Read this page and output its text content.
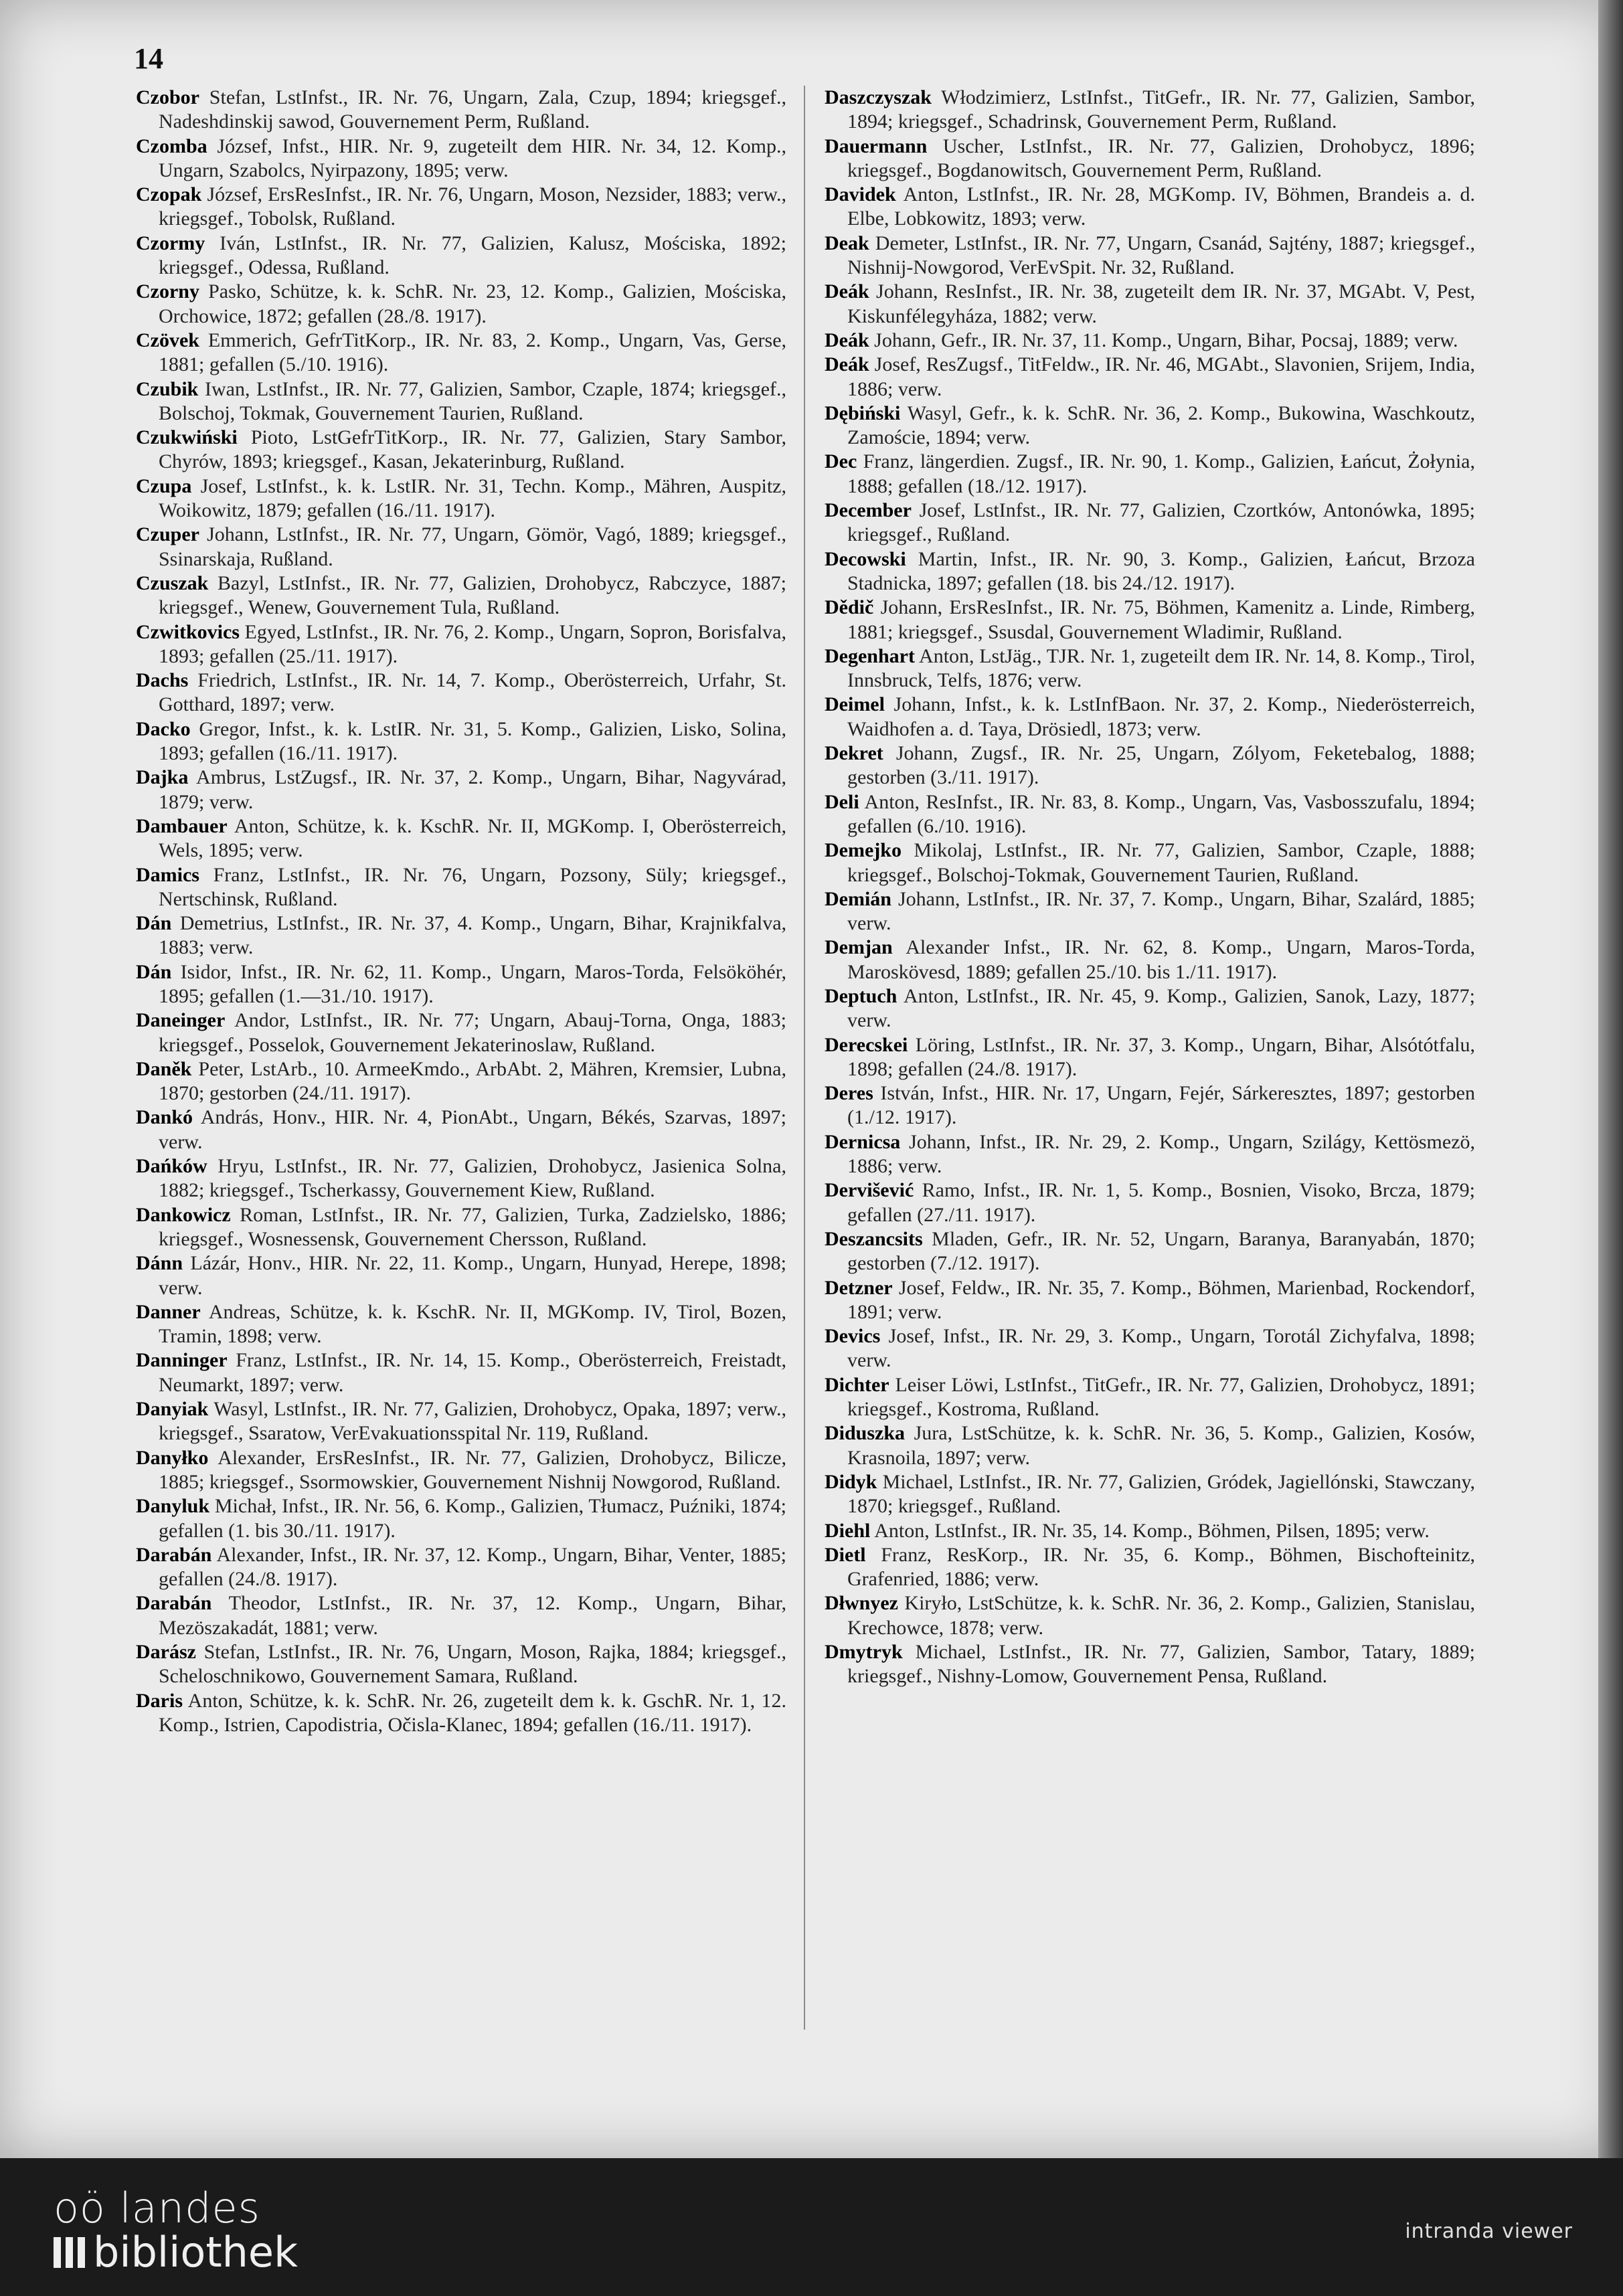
14

Czobor Stefan, LstInfst., IR. Nr. 76, Ungarn, Zala, Czup, 1894; kriegsgef., Nadeshdinskij sawod, Gouvernement Perm, Rußland.

Czomba József, Infst., HIR. Nr. 9, zugeteilt dem HIR. Nr. 34, 12. Komp., Ungarn, Szabolcs, Nyirpazony, 1895; verw.

Czopak József, ErsResInfst., IR. Nr. 76, Ungarn, Moson, Nezsider, 1883; verw., kriegsgef., Tobolsk, Rußland.

Czormy Iván, LstInfst., IR. Nr. 77, Galizien, Kalusz, Mościska, 1892; kriegsgef., Odessa, Rußland.

Czorny Pasko, Schütze, k. k. SchR. Nr. 23, 12. Komp., Galizien, Mościska, Orchowice, 1872; gefallen (28./8. 1917).

Czövek Emmerich, GefrTitKorp., IR. Nr. 83, 2. Komp., Ungarn, Vas, Gerse, 1881; gefallen (5./10. 1916).

Czubik Iwan, LstInfst., IR. Nr. 77, Galizien, Sambor, Czaple, 1874; kriegsgef., Bolschoj, Tokmak, Gouvernement Taurien, Rußland.

Czukwiński Pioto, LstGefrTitKorp., IR. Nr. 77, Galizien, Stary Sambor, Chyrów, 1893; kriegsgef., Kasan, Jekaterinburg, Rußland.

Czupa Josef, LstInfst., k. k. LstIR. Nr. 31, Techn. Komp., Mähren, Auspitz, Woikowitz, 1879; gefallen (16./11. 1917).

Czuper Johann, LstInfst., IR. Nr. 77, Ungarn, Gömör, Vagó, 1889; kriegsgef., Ssinarskaja, Rußland.

Czuszak Bazyl, LstInfst., IR. Nr. 77, Galizien, Drohobycz, Rabczyce, 1887; kriegsgef., Wenew, Gouvernement Tula, Rußland.

Czwitkovics Egyed, LstInfst., IR. Nr. 76, 2. Komp., Ungarn, Sopron, Borisfalva, 1893; gefallen (25./11. 1917).

Dachs Friedrich, LstInfst., IR. Nr. 14, 7. Komp., Oberösterreich, Urfahr, St. Gotthard, 1897; verw.

Dacko Gregor, Infst., k. k. LstIR. Nr. 31, 5. Komp., Galizien, Lisko, Solina, 1893; gefallen (16./11. 1917).

Dajka Ambrus, LstZugsf., IR. Nr. 37, 2. Komp., Ungarn, Bihar, Nagyvárad, 1879; verw.

Dambauer Anton, Schütze, k. k. KschR. Nr. II, MGKomp. I, Oberösterreich, Wels, 1895; verw.

Damics Franz, LstInfst., IR. Nr. 76, Ungarn, Pozsony, Süly; kriegsgef., Nertschinsk, Rußland.

Dán Demetrius, LstInfst., IR. Nr. 37, 4. Komp., Ungarn, Bihar, Krajnikfalva, 1883; verw.

Dán Isidor, Infst., IR. Nr. 62, 11. Komp., Ungarn, Maros-Torda, Felsököhér, 1895; gefallen (1.—31./10. 1917).

Daneinger Andor, LstInfst., IR. Nr. 77; Ungarn, Abauj-Torna, Onga, 1883; kriegsgef., Posselok, Gouvernement Jekaterinoslaw, Rußland.

Daněk Peter, LstArb., 10. ArmeeKmdo., ArbAbt. 2, Mähren, Kremsier, Lubna, 1870; gestorben (24./11. 1917).

Dankó András, Honv., HIR. Nr. 4, PionAbt., Ungarn, Békés, Szarvas, 1897; verw.

Dańków Hryu, LstInfst., IR. Nr. 77, Galizien, Drohobycz, Jasienica Solna, 1882; kriegsgef., Tscherkassy, Gouvernement Kiew, Rußland.

Dankowicz Roman, LstInfst., IR. Nr. 77, Galizien, Turka, Zadzielsko, 1886; kriegsgef., Wosnessensk, Gouvernement Chersson, Rußland.

Dánn Lázár, Honv., HIR. Nr. 22, 11. Komp., Ungarn, Hunyad, Herepe, 1898; verw.

Danner Andreas, Schütze, k. k. KschR. Nr. II, MGKomp. IV, Tirol, Bozen, Tramin, 1898; verw.

Danninger Franz, LstInfst., IR. Nr. 14, 15. Komp., Oberösterreich, Freistadt, Neumarkt, 1897; verw.

Danyiak Wasyl, LstInfst., IR. Nr. 77, Galizien, Drohobycz, Opaka, 1897; verw., kriegsgef., Ssaratow, VerEvakuationsspital Nr. 119, Rußland.

Danyłko Alexander, ErsResInfst., IR. Nr. 77, Galizien, Drohobycz, Bilicze, 1885; kriegsgef., Ssormowskier, Gouvernement Nishnij Nowgorod, Rußland.

Danyluk Michał, Infst., IR. Nr. 56, 6. Komp., Galizien, Tłumacz, Puźniki, 1874; gefallen (1. bis 30./11. 1917).

Darabán Alexander, Infst., IR. Nr. 37, 12. Komp., Ungarn, Bihar, Venter, 1885; gefallen (24./8. 1917).

Darabán Theodor, LstInfst., IR. Nr. 37, 12. Komp., Ungarn, Bihar, Mezöszakadát, 1881; verw.

Darász Stefan, LstInfst., IR. Nr. 76, Ungarn, Moson, Rajka, 1884; kriegsgef., Scheloschnikowo, Gouvernement Samara, Rußland.

Daris Anton, Schütze, k. k. SchR. Nr. 26, zugeteilt dem k. k. GschR. Nr. 1, 12. Komp., Istrien, Capodistria, Očisla-Klanec, 1894; gefallen (16./11. 1917).

Daszczyszak Włodzimierz, LstInfst., TitGefr., IR. Nr. 77, Galizien, Sambor, 1894; kriegsgef., Schadrinsk, Gouvernement Perm, Rußland.

Dauermann Uscher, LstInfst., IR. Nr. 77, Galizien, Drohobycz, 1896; kriegsgef., Bogdanowitsch, Gouvernement Perm, Rußland.

Davidek Anton, LstInfst., IR. Nr. 28, MGKomp. IV, Böhmen, Brandeis a. d. Elbe, Lobkowitz, 1893; verw.

Deak Demeter, LstInfst., IR. Nr. 77, Ungarn, Csanád, Sajtény, 1887; kriegsgef., Nishnij-Nowgorod, VerEvSpit. Nr. 32, Rußland.

Deák Johann, ResInfst., IR. Nr. 38, zugeteilt dem IR. Nr. 37, MGAbt. V, Pest, Kiskunfélegyháza, 1882; verw.

Deák Johann, Gefr., IR. Nr. 37, 11. Komp., Ungarn, Bihar, Pocsaj, 1889; verw.

Deák Josef, ResZugsf., TitFeldw., IR. Nr. 46, MGAbt., Slavonien, Srijem, India, 1886; verw.

Dębiński Wasyl, Gefr., k. k. SchR. Nr. 36, 2. Komp., Bukowina, Waschkoutz, Zamoście, 1894; verw.

Dec Franz, längerdien. Zugsf., IR. Nr. 90, 1. Komp., Galizien, Łańcut, Żołynia, 1888; gefallen (18./12. 1917).

December Josef, LstInfst., IR. Nr. 77, Galizien, Czortków, Antonówka, 1895; kriegsgef., Rußland.

Decowski Martin, Infst., IR. Nr. 90, 3. Komp., Galizien, Łańcut, Brzoza Stadnicka, 1897; gefallen (18. bis 24./12. 1917).

Dědič Johann, ErsResInfst., IR. Nr. 75, Böhmen, Kamenitz a. Linde, Rimberg, 1881; kriegsgef., Ssusdal, Gouvernement Wladimir, Rußland.

Degenhart Anton, LstJäg., TJR. Nr. 1, zugeteilt dem IR. Nr. 14, 8. Komp., Tirol, Innsbruck, Telfs, 1876; verw.

Deimel Johann, Infst., k. k. LstInfBaon. Nr. 37, 2. Komp., Niederösterreich, Waidhofen a. d. Taya, Drösiedl, 1873; verw.

Dekret Johann, Zugsf., IR. Nr. 25, Ungarn, Zólyom, Feketebalog, 1888; gestorben (3./11. 1917).

Deli Anton, ResInfst., IR. Nr. 83, 8. Komp., Ungarn, Vas, Vasbosszufalu, 1894; gefallen (6./10. 1916).

Demejko Mikolaj, LstInfst., IR. Nr. 77, Galizien, Sambor, Czaple, 1888; kriegsgef., Bolschoj-Tokmak, Gouvernement Taurien, Rußland.

Demián Johann, LstInfst., IR. Nr. 37, 7. Komp., Ungarn, Bihar, Szalárd, 1885; verw.

Demjan Alexander Infst., IR. Nr. 62, 8. Komp., Ungarn, Maros-Torda, Maroskövesd, 1889; gefallen 25./10. bis 1./11. 1917).

Deptuch Anton, LstInfst., IR. Nr. 45, 9. Komp., Galizien, Sanok, Lazy, 1877; verw.

Derecskei Löring, LstInfst., IR. Nr. 37, 3. Komp., Ungarn, Bihar, Alsótótfalu, 1898; gefallen (24./8. 1917).

Deres István, Infst., HIR. Nr. 17, Ungarn, Fejér, Sárkeresztes, 1897; gestorben (1./12. 1917).

Dernicsa Johann, Infst., IR. Nr. 29, 2. Komp., Ungarn, Szilágy, Kettösmezö, 1886; verw.

Dervišević Ramo, Infst., IR. Nr. 1, 5. Komp., Bosnien, Visoko, Brcza, 1879; gefallen (27./11. 1917).

Deszancsits Mladen, Gefr., IR. Nr. 52, Ungarn, Baranya, Baranyabán, 1870; gestorben (7./12. 1917).

Detzner Josef, Feldw., IR. Nr. 35, 7. Komp., Böhmen, Marienbad, Rockendorf, 1891; verw.

Devics Josef, Infst., IR. Nr. 29, 3. Komp., Ungarn, Torotál Zichyfalva, 1898; verw.

Dichter Leiser Löwi, LstInfst., TitGefr., IR. Nr. 77, Galizien, Drohobycz, 1891; kriegsgef., Kostroma, Rußland.

Diduszka Jura, LstSchütze, k. k. SchR. Nr. 36, 5. Komp., Galizien, Kosów, Krasnoila, 1897; verw.

Didyk Michael, LstInfst., IR. Nr. 77, Galizien, Gródek, Jagiellónski, Stawczany, 1870; kriegsgef., Rußland.

Diehl Anton, LstInfst., IR. Nr. 35, 14. Komp., Böhmen, Pilsen, 1895; verw.

Dietl Franz, ResKorp., IR. Nr. 35, 6. Komp., Böhmen, Bischofteinitz, Grafenried, 1886; verw.

Dłwnyez Kiryło, LstSchütze, k. k. SchR. Nr. 36, 2. Komp., Galizien, Stanislau, Krechowce, 1878; verw.

Dmytryk Michael, LstInfst., IR. Nr. 77, Galizien, Sambor, Tatary, 1889; kriegsgef., Nishny-Lomow, Gouvernement Pensa, Rußland.

oö landes
bibliothek	intranda viewer
